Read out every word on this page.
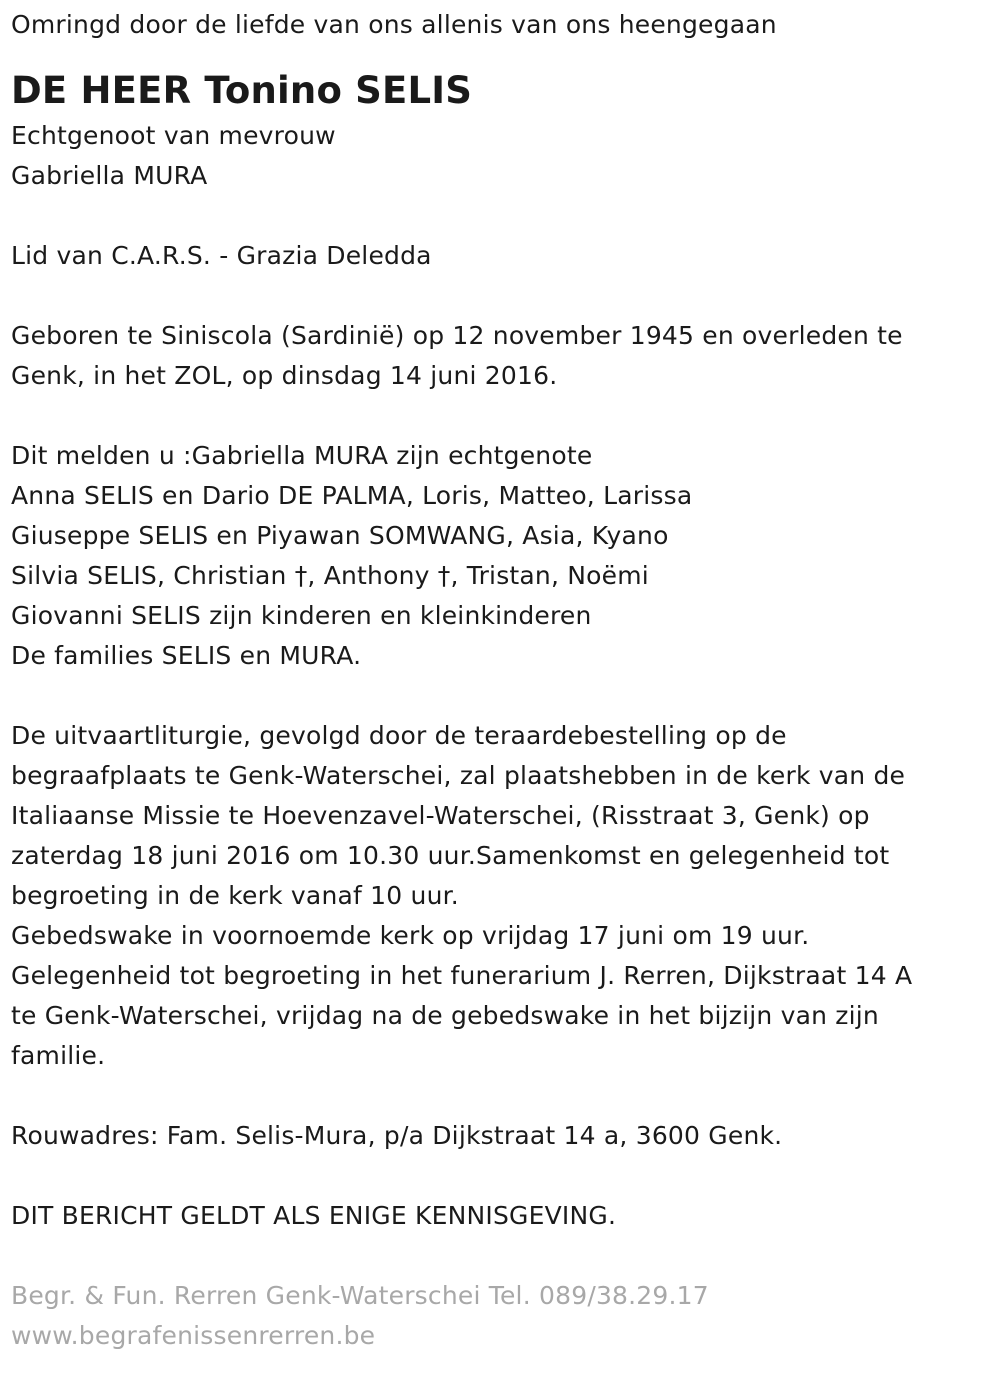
Omringd door de liefde van ons allenis van ons heengegaan
DE HEER Tonino SELIS
Echtgenoot van mevrouw
Gabriella MURA
Lid van C.A.R.S. - Grazia Deledda
Geboren te Siniscola (Sardinië) op 12 november 1945 en overleden te
Genk, in het ZOL, op dinsdag 14 juni 2016.
Dit melden u :Gabriella MURA zijn echtgenote
Anna SELIS en Dario DE PALMA, Loris, Matteo, Larissa
Giuseppe SELIS en Piyawan SOMWANG, Asia, Kyano
Silvia SELIS, Christian †, Anthony †, Tristan, Noëmi
Giovanni SELIS zijn kinderen en kleinkinderen
De families SELIS en MURA.
De uitvaartliturgie, gevolgd door de teraardebestelling op de
begraafplaats te Genk-Waterschei, zal plaatshebben in de kerk van de
Italiaanse Missie te Hoevenzavel-Waterschei, (Risstraat 3, Genk) op
zaterdag 18 juni 2016 om 10.30 uur.Samenkomst en gelegenheid tot
begroeting in de kerk vanaf 10 uur.
Gebedswake in voornoemde kerk op vrijdag 17 juni om 19 uur.
Gelegenheid tot begroeting in het funerarium J. Rerren, Dijkstraat 14 A
te Genk-Waterschei, vrijdag na de gebedswake in het bijzijn van zijn
familie.
Rouwadres: Fam. Selis-Mura, p/a Dijkstraat 14 a, 3600 Genk.
DIT BERICHT GELDT ALS ENIGE KENNISGEVING.
Begr. & Fun. Rerren Genk-Waterschei Tel. 089/38.29.17
www.begrafenissenrerren.be
